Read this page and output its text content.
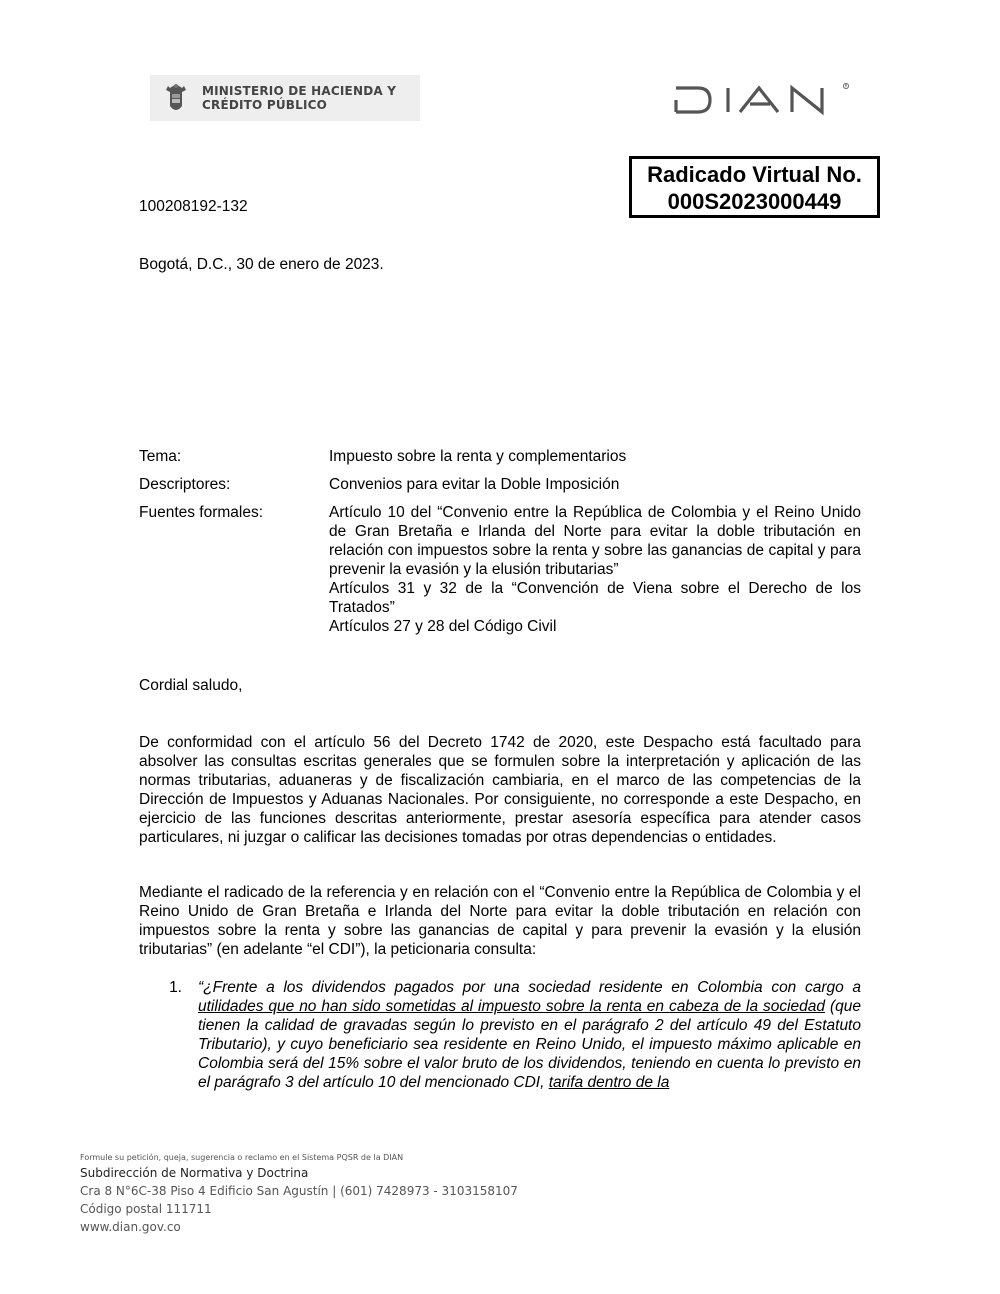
MINISTERIO DE HACIENDA Y
CRÉDITO PÚBLICO
R
Radicado Virtual No.
000S2023000449
100208192-132
Bogotá, D.C., 30 de enero de 2023.
Tema:	Impuesto sobre la renta y complementarios
Descriptores:	Convenios para evitar la Doble Imposición
Fuentes formales:	Artículo 10 del “Convenio entre la República de Colombia y el Reino Unido de Gran Bretaña e Irlanda del Norte para evitar la doble tributación en relación con impuestos sobre la renta y sobre las ganancias de capital y para prevenir la evasión y la elusión tributarias”
Artículos 31 y 32 de la “Convención de Viena sobre el Derecho de los Tratados”
Artículos 27 y 28 del Código Civil
Cordial saludo,
De conformidad con el artículo 56 del Decreto 1742 de 2020, este Despacho está facultado para absolver las consultas escritas generales que se formulen sobre la interpretación y aplicación de las normas tributarias, aduaneras y de fiscalización cambiaria, en el marco de las competencias de la Dirección de Impuestos y Aduanas Nacionales. Por consiguiente, no corresponde a este Despacho, en ejercicio de las funciones descritas anteriormente, prestar asesoría específica para atender casos particulares, ni juzgar o calificar las decisiones tomadas por otras dependencias o entidades.
Mediante el radicado de la referencia y en relación con el “Convenio entre la República de Colombia y el Reino Unido de Gran Bretaña e Irlanda del Norte para evitar la doble tributación en relación con impuestos sobre la renta y sobre las ganancias de capital y para prevenir la evasión y la elusión tributarias” (en adelante “el CDI”), la peticionaria consulta:
1.	“¿Frente a los dividendos pagados por una sociedad residente en Colombia con cargo a utilidades que no han sido sometidas al impuesto sobre la renta en cabeza de la sociedad (que tienen la calidad de gravadas según lo previsto en el parágrafo 2 del artículo 49 del Estatuto Tributario), y cuyo beneficiario sea residente en Reino Unido, el impuesto máximo aplicable en Colombia será del 15% sobre el valor bruto de los dividendos, teniendo en cuenta lo previsto en el parágrafo 3 del artículo 10 del mencionado CDI, tarifa dentro de la
Formule su petición, queja, sugerencia o reclamo en el Sistema PQSR de la DIAN
Subdirección de Normativa y Doctrina
Cra 8 N°6C-38 Piso 4 Edificio San Agustín | (601) 7428973 - 3103158107
Código postal 111711
www.dian.gov.co
